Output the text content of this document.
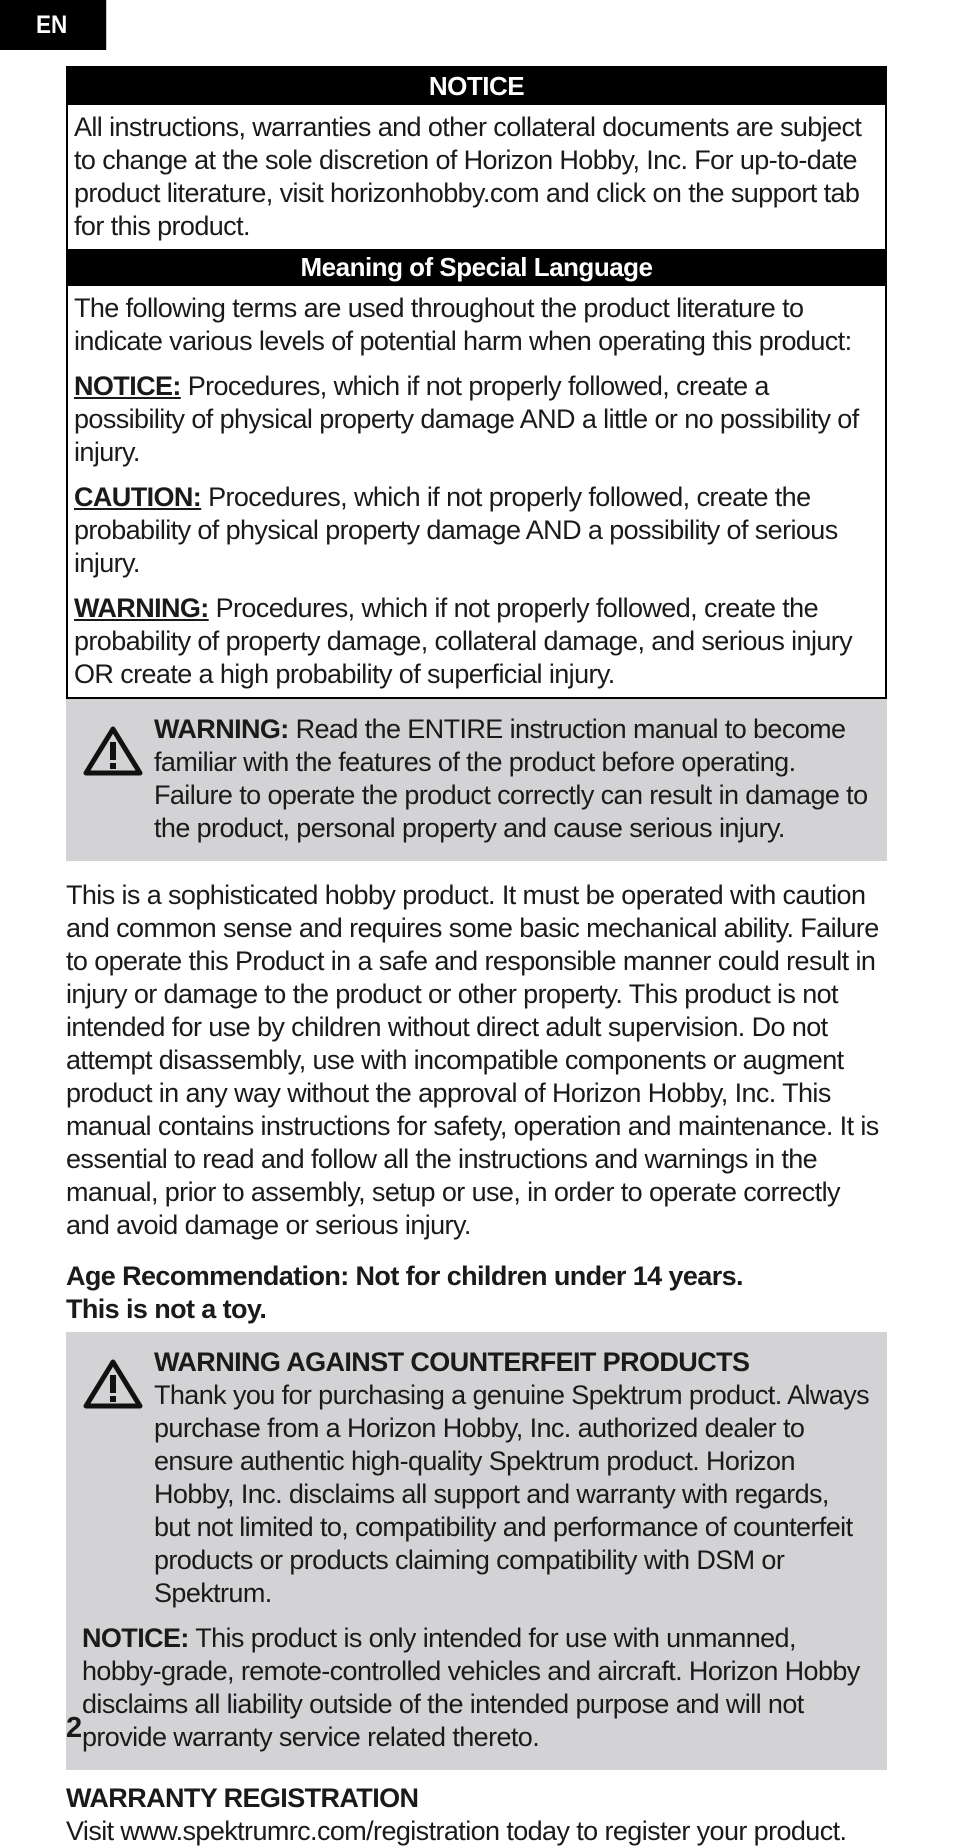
EN
NOTICE

All instructions, warranties and other collateral documents are subject to change at the sole discretion of Horizon Hobby, Inc. For up-to-date product literature, visit horizonhobby.com and click on the support tab for this product.

Meaning of Special Language

The following terms are used throughout the product literature to indicate various levels of potential harm when operating this product:

NOTICE: Procedures, which if not properly followed, create a possibility of physical property damage AND a little or no possibility of injury.

CAUTION: Procedures, which if not properly followed, create the probability of physical property damage AND a possibility of serious injury.

WARNING: Procedures, which if not properly followed, create the probability of property damage, collateral damage, and serious injury OR create a high probability of superficial injury.

WARNING: Read the ENTIRE instruction manual to become familiar with the features of the product before operating. Failure to operate the product correctly can result in damage to the product, personal property and cause serious injury.

This is a sophisticated hobby product. It must be operated with caution and common sense and requires some basic mechanical ability. Failure to operate this Product in a safe and responsible manner could result in injury or damage to the product or other property. This product is not intended for use by children without direct adult supervision. Do not attempt disassembly, use with incompatible components or augment product in any way without the approval of Horizon Hobby, Inc. This manual contains instructions for safety, operation and maintenance. It is essential to read and follow all the instructions and warnings in the manual, prior to assembly, setup or use, in order to operate correctly and avoid damage or serious injury.

Age Recommendation: Not for children under 14 years.
This is not a toy.

WARNING AGAINST COUNTERFEIT PRODUCTS
Thank you for purchasing a genuine Spektrum product. Always purchase from a Horizon Hobby, Inc. authorized dealer to ensure authentic high-quality Spektrum product. Horizon Hobby, Inc. disclaims all support and warranty with regards, but not limited to, compatibility and performance of counterfeit products or products claiming compatibility with DSM or Spektrum.

NOTICE: This product is only intended for use with unmanned, hobby-grade, remote-controlled vehicles and aircraft. Horizon Hobby disclaims all liability outside of the intended purpose and will not provide warranty service related thereto.

WARRANTY REGISTRATION
Visit www.spektrumrc.com/registration today to register your product.

2
